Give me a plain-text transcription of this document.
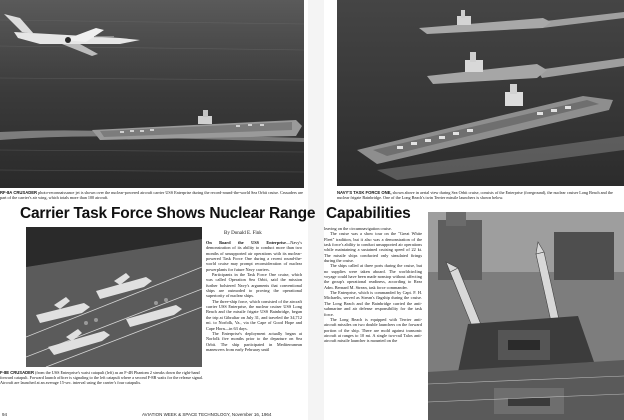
RF-8A CRUSADER photo-reconnaissance jet is shown over the nuclear-powered aircraft carrier USS Enterprise during the record-round-the-world Sea Orbit cruise. Crusaders are part of the carrier's air wing, which totals more than 100 aircraft.

NAVY'S TASK FORCE ONE, shown above in aerial view during Sea Orbit cruise, consists of the Enterprise (foreground), the nuclear cruiser Long Beach and the nuclear frigate Bainbridge. One of the Long Beach's twin Terrier missile launchers is shown below.

Carrier Task Force Shows Nuclear Range Capabilities

F-8E CRUSADER (from the USS Enterprise's waist catapult (left) as an F-4B Phantom 2 streaks down the right-hand forward catapult. Forward launch officer is signaling to the left catapult where a second F-8B waits for the release signal. Aircraft are launched at an average 15-sec. interval using the carrier's four catapults.

By Donald E. Fink

On Board the USS Enterprise—Navy's demonstration of its ability to conduct more than two months of unsupported air operations with its nuclear-powered Task Force One during a recent round-the-world cruise may prompt reconsideration of nuclear powerplants for future Navy carriers.

Participants in the Task Force One cruise, which was called Operation Sea Orbit, said the mission further bolstered Navy's arguments that conventional ships are outmoded to proving the operational superiority of nuclear ships.

The three-ship force, which consisted of the aircraft carrier USS Enterprise, the nuclear cruiser USS Long Beach and the missile frigate USS Bainbridge, began the trip at Gibraltar on July 31, and traveled the 34,712 mi. to Norfolk, Va., via the Cape of Good Hope and Cape Horn—in 63 days.

The Enterprise's deployment actually began at Norfolk five months prior to the departure on Sea Orbit. The ship participated in Mediterranean maneuvers from early February until

leaving on the circumnavigation cruise.

The cruise was a show tour on the "Great White Fleet" tradition, but it also was a demonstration of the task force's ability to conduct unsupported air operations while maintaining a sustained cruising speed of 22 kt. The missile ships conducted only simulated firings during the cruise.

The ships called at three ports during the cruise, but no supplies were taken aboard. The worldcircling voyage could have been made nonstop without affecting the group's operational readiness, according to Rear Adm. Bernard M. Strean, task force commander.

The Enterprise, which is commanded by Capt. F. H. Michaelis, served as Strean's flagship during the cruise. The Long Beach and the Bainbridge carried the anti-submarine and air defense responsibility for the task force.

The Long Beach is equipped with Terrier anti-aircraft missiles on two double launchers on the forward portion of the ship. There are mold against transonic aircraft at ranges to 10 mi. A single two-rail Talos anti-aircraft missile launcher is mounted on the

94	AVIATION WEEK & SPACE TECHNOLOGY, November 16, 1964
